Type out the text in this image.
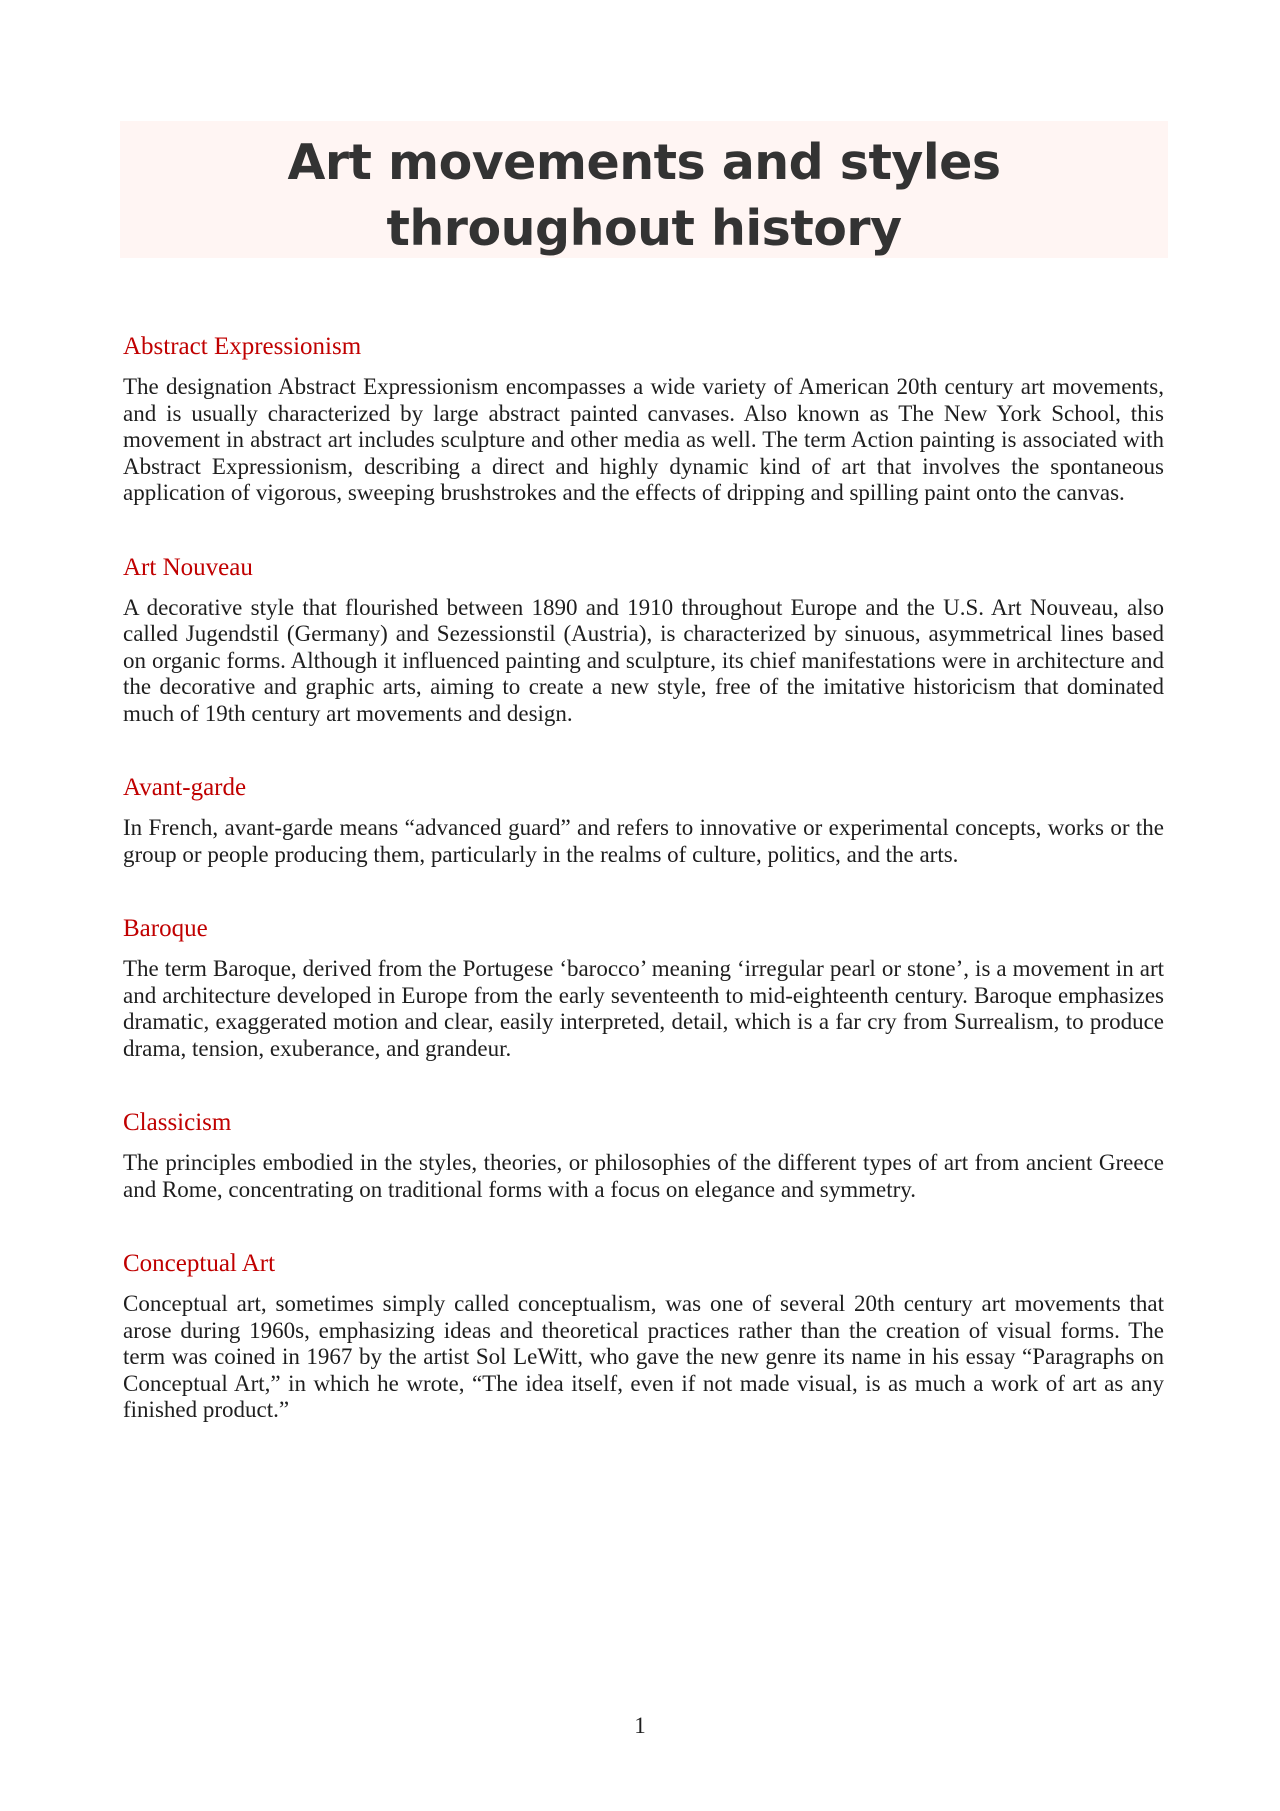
Art movements and styles
throughout history
Abstract Expressionism

The designation Abstract Expressionism encompasses a wide variety of American 20th century art movements, and is usually characterized by large abstract painted canvases. Also known as The New York School, this movement in abstract art includes sculpture and other media as well. The term Action painting is associated with Abstract Expressionism, describing a direct and highly dynamic kind of art that involves the spontaneous application of vigorous, sweeping brushstrokes and the effects of dripping and spilling paint onto the canvas.

Art Nouveau

A decorative style that flourished between 1890 and 1910 throughout Europe and the U.S. Art Nouveau, also called Jugendstil (Germany) and Sezessionstil (Austria), is characterized by sinuous, asymmetrical lines based on organic forms. Although it influenced painting and sculpture, its chief manifestations were in architecture and the decorative and graphic arts, aiming to create a new style, free of the imitative historicism that dominated much of 19th century art movements and design.

Avant-garde

In French, avant-garde means “advanced guard” and refers to innovative or experimental concepts, works or the group or people producing them, particularly in the realms of culture, politics, and the arts.

Baroque

The term Baroque, derived from the Portugese ‘barocco’ meaning ‘irregular pearl or stone’, is a movement in art and architecture developed in Europe from the early seventeenth to mid-eighteenth century. Baroque emphasizes dramatic, exaggerated motion and clear, easily interpreted, detail, which is a far cry from Surrealism, to produce drama, tension, exuberance, and grandeur.

Classicism

The principles embodied in the styles, theories, or philosophies of the different types of art from ancient Greece and Rome, concentrating on traditional forms with a focus on elegance and symmetry.

Conceptual Art

Conceptual art, sometimes simply called conceptualism, was one of several 20th century art movements that arose during 1960s, emphasizing ideas and theoretical practices rather than the creation of visual forms. The term was coined in 1967 by the artist Sol LeWitt, who gave the new genre its name in his essay “Paragraphs on Conceptual Art,” in which he wrote, “The idea itself, even if not made visual, is as much a work of art as any finished product.”

1
